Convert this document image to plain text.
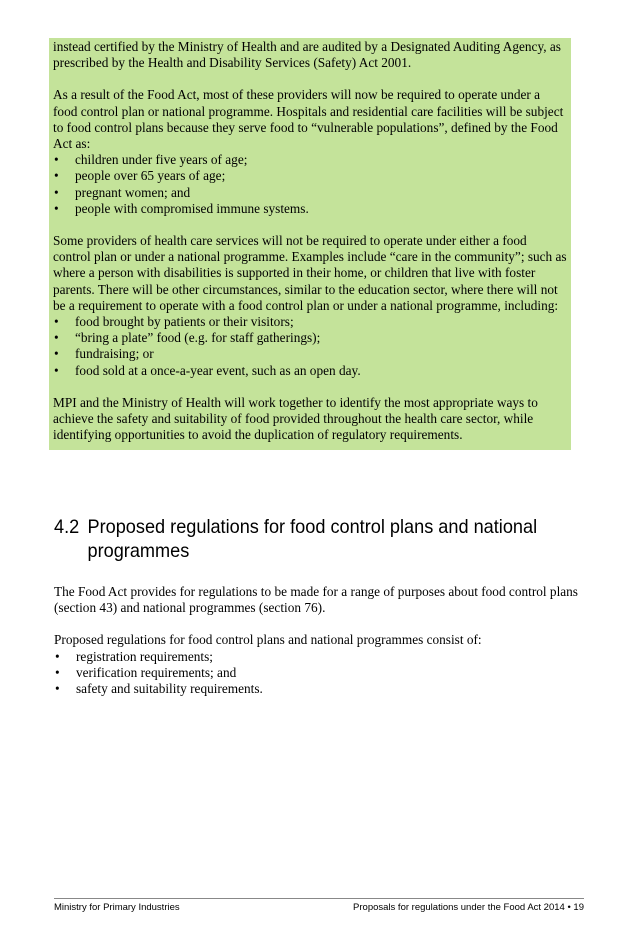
instead certified by the Ministry of Health and are audited by a Designated Auditing Agency, as prescribed by the Health and Disability Services (Safety) Act 2001.

As a result of the Food Act, most of these providers will now be required to operate under a food control plan or national programme. Hospitals and residential care facilities will be subject to food control plans because they serve food to “vulnerable populations”, defined by the Food Act as:

• children under five years of age;
• people over 65 years of age;
• pregnant women; and
• people with compromised immune systems.

Some providers of health care services will not be required to operate under either a food control plan or under a national programme. Examples include “care in the community”; such as where a person with disabilities is supported in their home, or children that live with foster parents. There will be other circumstances, similar to the education sector, where there will not be a requirement to operate with a food control plan or under a national programme, including:

• food brought by patients or their visitors;
• “bring a plate” food (e.g. for staff gatherings);
• fundraising; or
• food sold at a once-a-year event, such as an open day.

MPI and the Ministry of Health will work together to identify the most appropriate ways to achieve the safety and suitability of food provided throughout the health care sector, while identifying opportunities to avoid the duplication of regulatory requirements.

4.2 Proposed regulations for food control plans and national
programmes

The Food Act provides for regulations to be made for a range of purposes about food control plans (section 43) and national programmes (section 76).

Proposed regulations for food control plans and national programmes consist of:

• registration requirements;
• verification requirements; and
• safety and suitability requirements.
Ministry for Primary Industries	Proposals for regulations under the Food Act 2014 • 19
